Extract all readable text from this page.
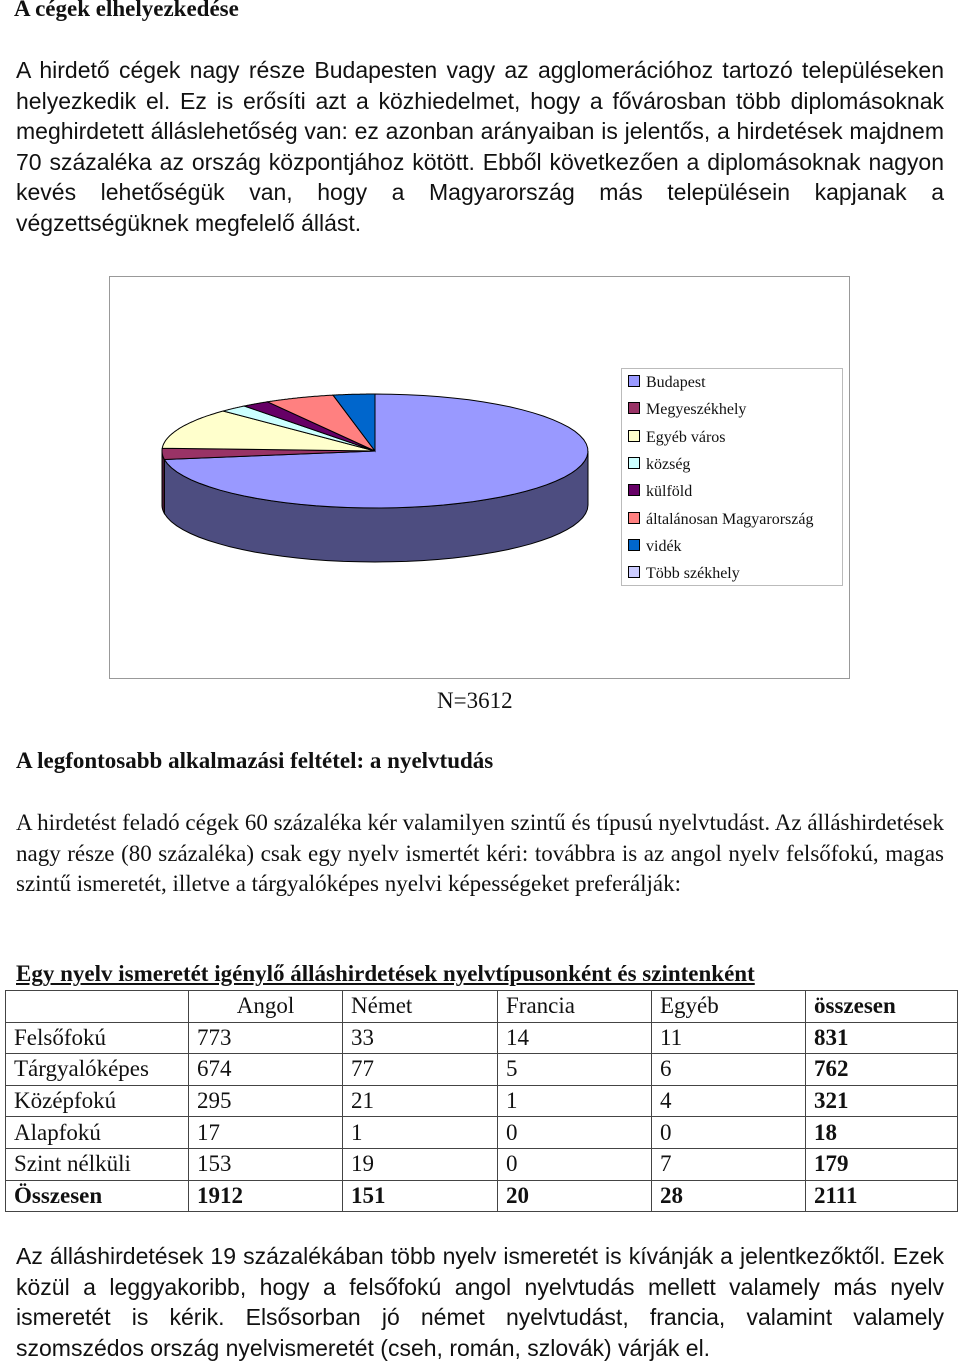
A cégek elhelyezkedése

A hirdető cégek nagy része Budapesten vagy az agglomerációhoz tartozó településeken helyezkedik el. Ez is erősíti azt a közhiedelmet, hogy a fővárosban több diplomásoknak meghirdetett álláslehetőség van: ez azonban arányaiban is jelentős, a hirdetések majdnem 70 százaléka az ország központjához kötött. Ebből következően a diplomásoknak nagyon kevés lehetőségük van, hogy a Magyarország más településein kapjanak a végzettségüknek megfelelő állást.

Budapest
Megyeszékhely
Egyéb város
község
külföld
általánosan Magyarország
vidék
Több székhely
N=3612
A legfontosabb alkalmazási feltétel: a nyelvtudás

A hirdetést feladó cégek 60 százaléka kér valamilyen szintű és típusú nyelvtudást. Az álláshirdetések nagy része (80 százaléka) csak egy nyelv ismertét kéri: továbbra is az angol nyelv felsőfokú, magas szintű ismeretét, illetve a tárgyalóképes nyelvi képességeket preferálják:

Egy nyelv ismeretét igénylő álláshirdetések nyelvtípusonként és szintenként
	Angol	Német	Francia	Egyéb	összesen
Felsőfokú	773	33	14	11	831
Tárgyalóképes	674	77	5	6	762
Középfokú	295	21	1	4	321
Alapfokú	17	1	0	0	18
Szint nélküli	153	19	0	7	179
Összesen	1912	151	20	28	2111

Az álláshirdetések 19 százalékában több nyelv ismeretét is kívánják a jelentkezőktől. Ezek közül a leggyakoribb, hogy a felsőfokú angol nyelvtudás mellett valamely más nyelv ismeretét is kérik. Elsősorban jó német nyelvtudást, francia, valamint valamely szomszédos ország nyelvismeretét (cseh, román, szlovák) várják el.
